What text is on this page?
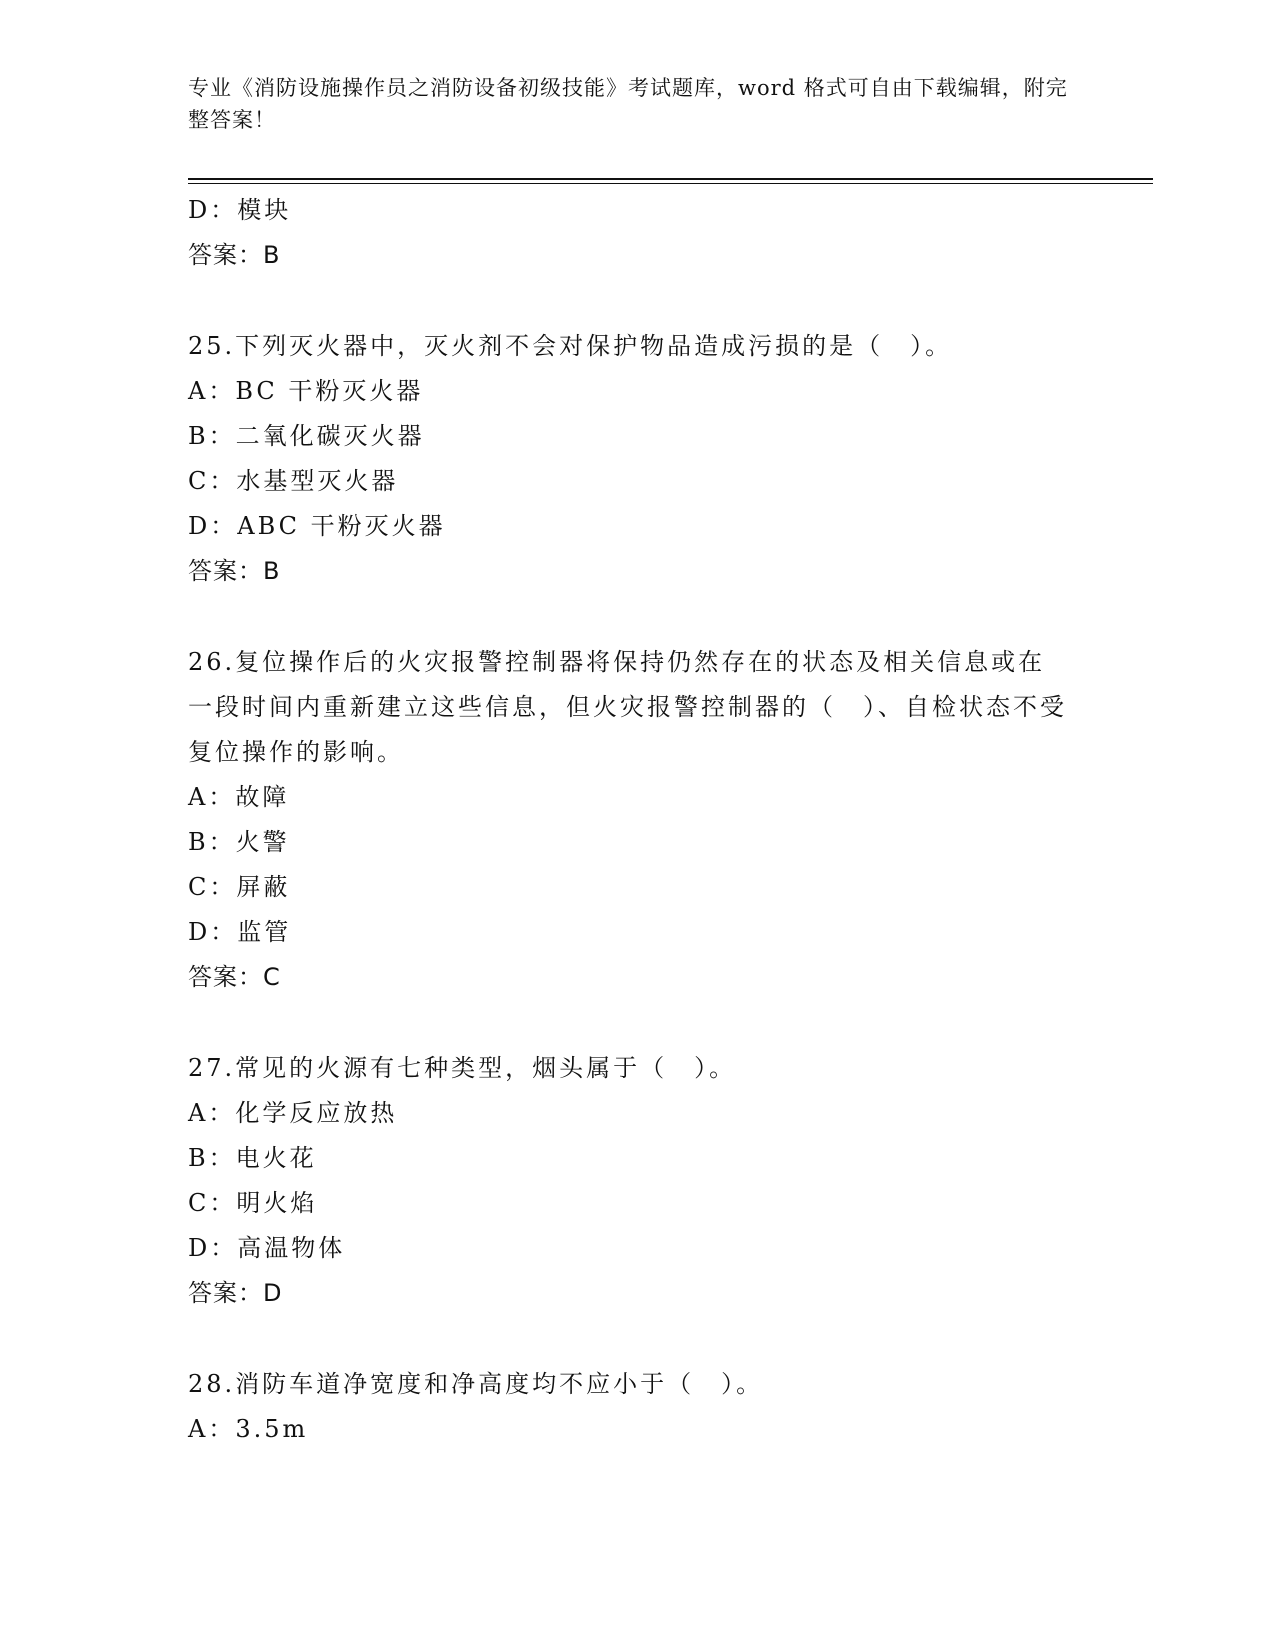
专业《消防设施操作员之消防设备初级技能》考试题库，word 格式可自由下载编辑，附完整答案！
D：模块
答案：B
25.下列灭火器中，灭火剂不会对保护物品造成污损的是（　）。
A：BC 干粉灭火器
B：二氧化碳灭火器
C：水基型灭火器
D：ABC 干粉灭火器
答案：B
26.复位操作后的火灾报警控制器将保持仍然存在的状态及相关信息或在一段时间内重新建立这些信息，但火灾报警控制器的（　）、自检状态不受复位操作的影响。
A：故障
B：火警
C：屏蔽
D：监管
答案：C
27.常见的火源有七种类型，烟头属于（　）。
A：化学反应放热
B：电火花
C：明火焰
D：高温物体
答案：D
28.消防车道净宽度和净高度均不应小于（　）。
A：3.5m
